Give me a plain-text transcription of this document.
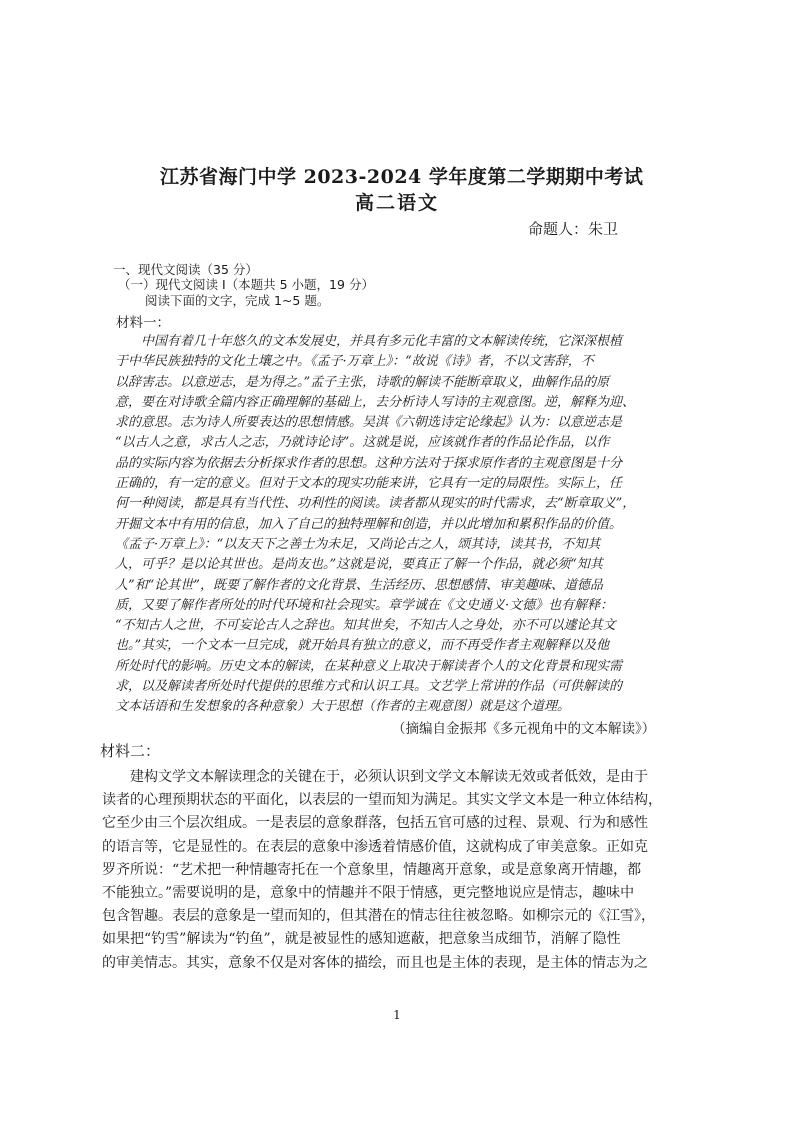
江苏省海门中学 2023-2024 学年度第二学期期中考试
高二语文
命题人：朱卫
一、现代文阅读（35 分）
（一）现代文阅读 I（本题共 5 小题，19 分）
阅读下面的文字，完成 1~5 题。
材料一：
　　中国有着几十年悠久的文本发展史，并具有多元化丰富的文本解读传统，它深深根植
于中华民族独特的文化土壤之中。《孟子·万章上》：“故说《诗》者，不以文害辞，不
以辞害志。以意逆志，是为得之。”孟子主张，诗歌的解读不能断章取义，曲解作品的原
意，要在对诗歌全篇内容正确理解的基础上，去分析诗人写诗的主观意图。逆，解释为迎、
求的意思。志为诗人所要表达的思想情感。吴淇《六朝选诗定论缘起》认为：以意逆志是
“以古人之意，求古人之志，乃就诗论诗”。这就是说，应该就作者的作品论作品，以作
品的实际内容为依据去分析探求作者的思想。这种方法对于探求原作者的主观意图是十分
正确的，有一定的意义。但对于文本的现实功能来讲，它具有一定的局限性。实际上，任
何一种阅读，都是具有当代性、功利性的阅读。读者都从现实的时代需求，去“断章取义”，
开掘文本中有用的信息，加入了自己的独特理解和创造，并以此增加和累积作品的价值。
《孟子·万章上》：“以友天下之善士为未足，又尚论古之人，颂其诗，读其书，不知其
人，可乎？是以论其世也。是尚友也。”这就是说，要真正了解一个作品，就必须“知其
人”和“论其世”，既要了解作者的文化背景、生活经历、思想感情、审美趣味、道德品
质，又要了解作者所处的时代环境和社会现实。章学诚在《文史通义·文德》也有解释：
“不知古人之世，不可妄论古人之辞也。知其世矣，不知古人之身处，亦不可以遽论其文
也。”其实，一个文本一旦完成，就开始具有独立的意义，而不再受作者主观解释以及他
所处时代的影响。历史文本的解读，在某种意义上取决于解读者个人的文化背景和现实需
求，以及解读者所处时代提供的思维方式和认识工具。文艺学上常讲的作品（可供解读的
文本话语和生发想象的各种意象）大于思想（作者的主观意图）就是这个道理。
（摘编自金振邦《多元视角中的文本解读》）
材料二：
　　建构文学文本解读理念的关键在于，必须认识到文学文本解读无效或者低效，是由于
读者的心理预期状态的平面化，以表层的一望而知为满足。其实文学文本是一种立体结构，
它至少由三个层次组成。一是表层的意象群落，包括五官可感的过程、景观、行为和感性
的语言等，它是显性的。在表层的意象中渗透着情感价值，这就构成了审美意象。正如克
罗齐所说：“艺术把一种情趣寄托在一个意象里，情趣离开意象，或是意象离开情趣，都
不能独立。”需要说明的是，意象中的情趣并不限于情感，更完整地说应是情志，趣味中
包含智趣。表层的意象是一望而知的，但其潜在的情志往往被忽略。如柳宗元的《江雪》，
如果把“钓雪”解读为“钓鱼”，就是被显性的感知遮蔽，把意象当成细节，消解了隐性
的审美情志。其实，意象不仅是对客体的描绘，而且也是主体的表现，是主体的情志为之
1
